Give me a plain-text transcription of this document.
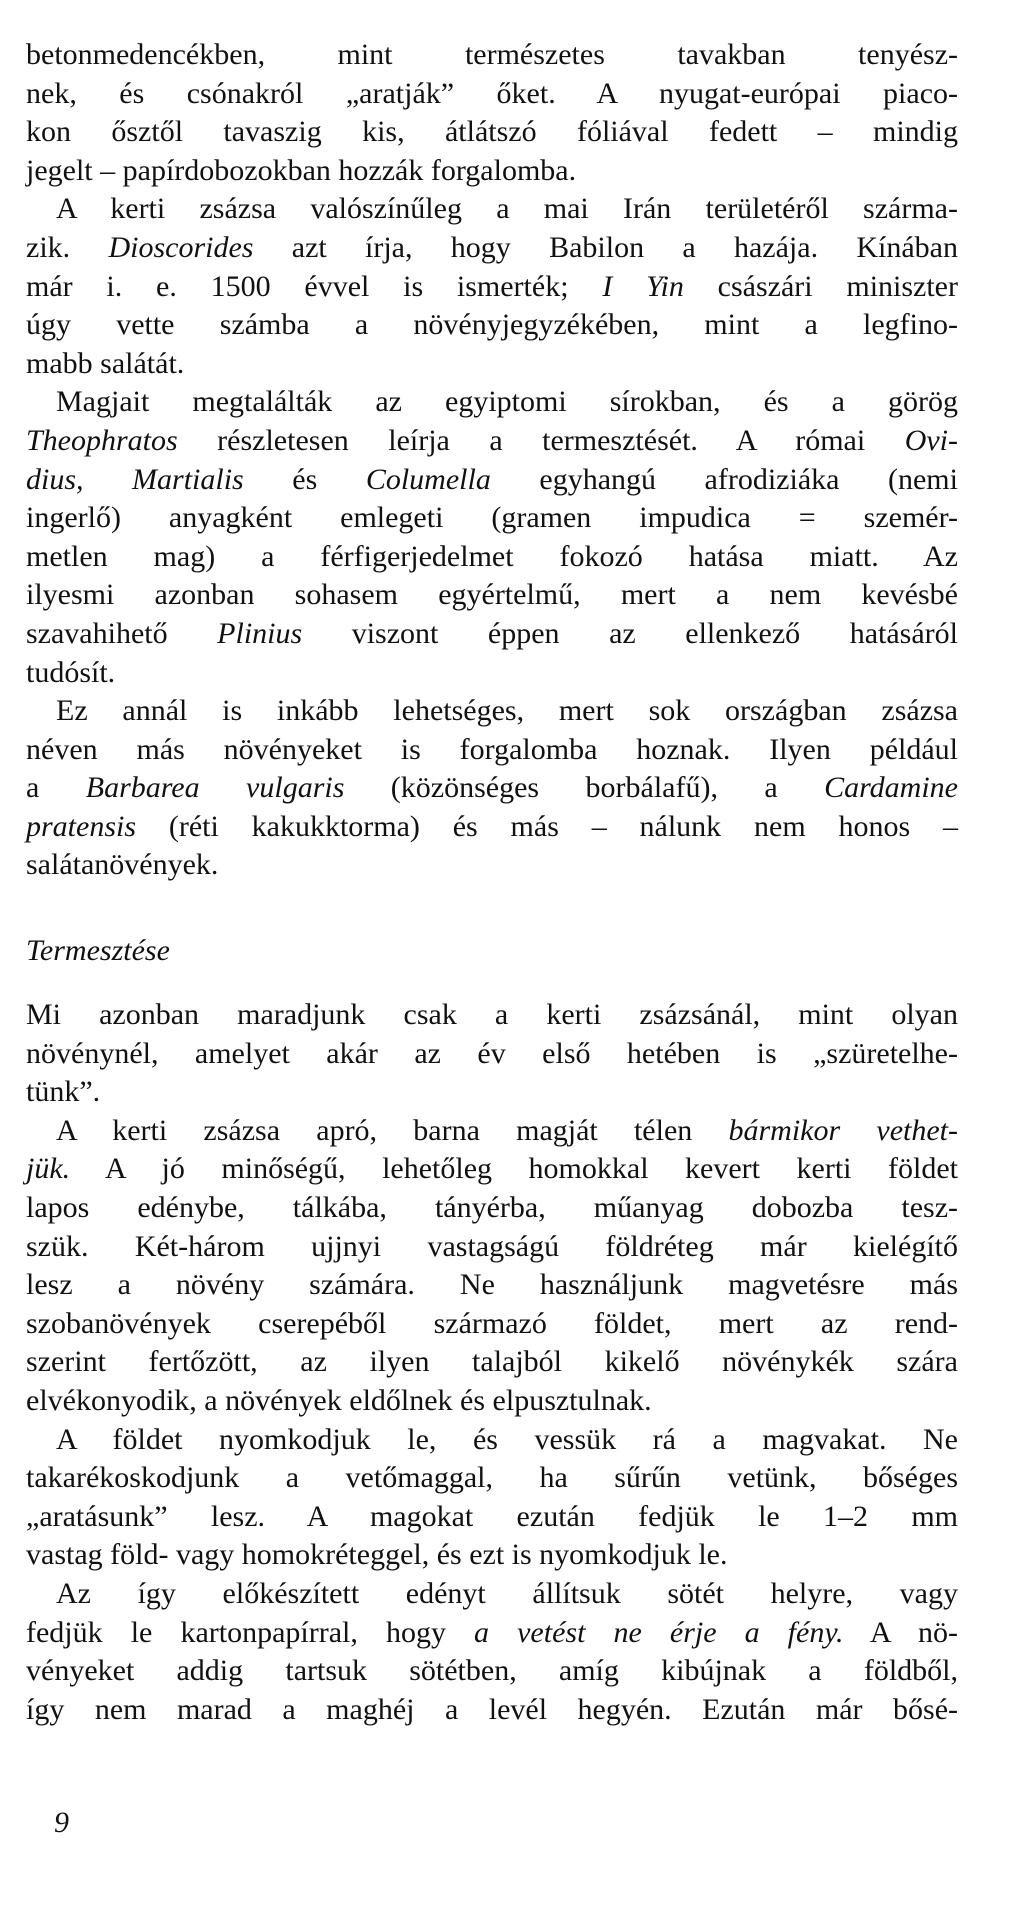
betonmedencékben, mint természetes tavakban tenyész-
nek, és csónakról „aratják” őket. A nyugat-európai piaco-
kon ősztől tavaszig kis, átlátszó fóliával fedett – mindig
jegelt – papírdobozokban hozzák forgalomba.

A kerti zsázsa valószínűleg a mai Irán területéről szárma-
zik. Dioscorides azt írja, hogy Babilon a hazája. Kínában
már i. e. 1500 évvel is ismerték; I Yin császári miniszter
úgy vette számba a növényjegyzékében, mint a legfino-
mabb salátát.

Magjait megtalálták az egyiptomi sírokban, és a görög
Theophratos részletesen leírja a termesztését. A római Ovi-
dius, Martialis és Columella egyhangú afrodiziáka (nemi
ingerlő) anyagként emlegeti (gramen impudica = szemér-
metlen mag) a férfigerjedelmet fokozó hatása miatt. Az
ilyesmi azonban sohasem egyértelmű, mert a nem kevésbé
szavahihető Plinius viszont éppen az ellenkező hatásáról
tudósít.

Ez annál is inkább lehetséges, mert sok országban zsázsa
néven más növényeket is forgalomba hoznak. Ilyen például
a Barbarea vulgaris (közönséges borbálafű), a Cardamine
pratensis (réti kakukktorma) és más – nálunk nem honos –
salátanövények.

Termesztése

Mi azonban maradjunk csak a kerti zsázsánál, mint olyan
növénynél, amelyet akár az év első hetében is „szüretelhe-
tünk”.

A kerti zsázsa apró, barna magját télen bármikor vethet-
jük. A jó minőségű, lehetőleg homokkal kevert kerti földet
lapos edénybe, tálkába, tányérba, műanyag dobozba tesz-
szük. Két-három ujjnyi vastagságú földréteg már kielégítő
lesz a növény számára. Ne használjunk magvetésre más
szobanövények cserepéből származó földet, mert az rend-
szerint fertőzött, az ilyen talajból kikelő növénykék szára
elvékonyodik, a növények eldőlnek és elpusztulnak.

A földet nyomkodjuk le, és vessük rá a magvakat. Ne
takarékoskodjunk a vetőmaggal, ha sűrűn vetünk, bőséges
„aratásunk” lesz. A magokat ezután fedjük le 1–2 mm
vastag föld- vagy homokréteggel, és ezt is nyomkodjuk le.

Az így előkészített edényt állítsuk sötét helyre, vagy
fedjük le kartonpapírral, hogy a vetést ne érje a fény. A nö-
vényeket addig tartsuk sötétben, amíg kibújnak a földből,
így nem marad a maghéj a levél hegyén. Ezután már bősé-

9
